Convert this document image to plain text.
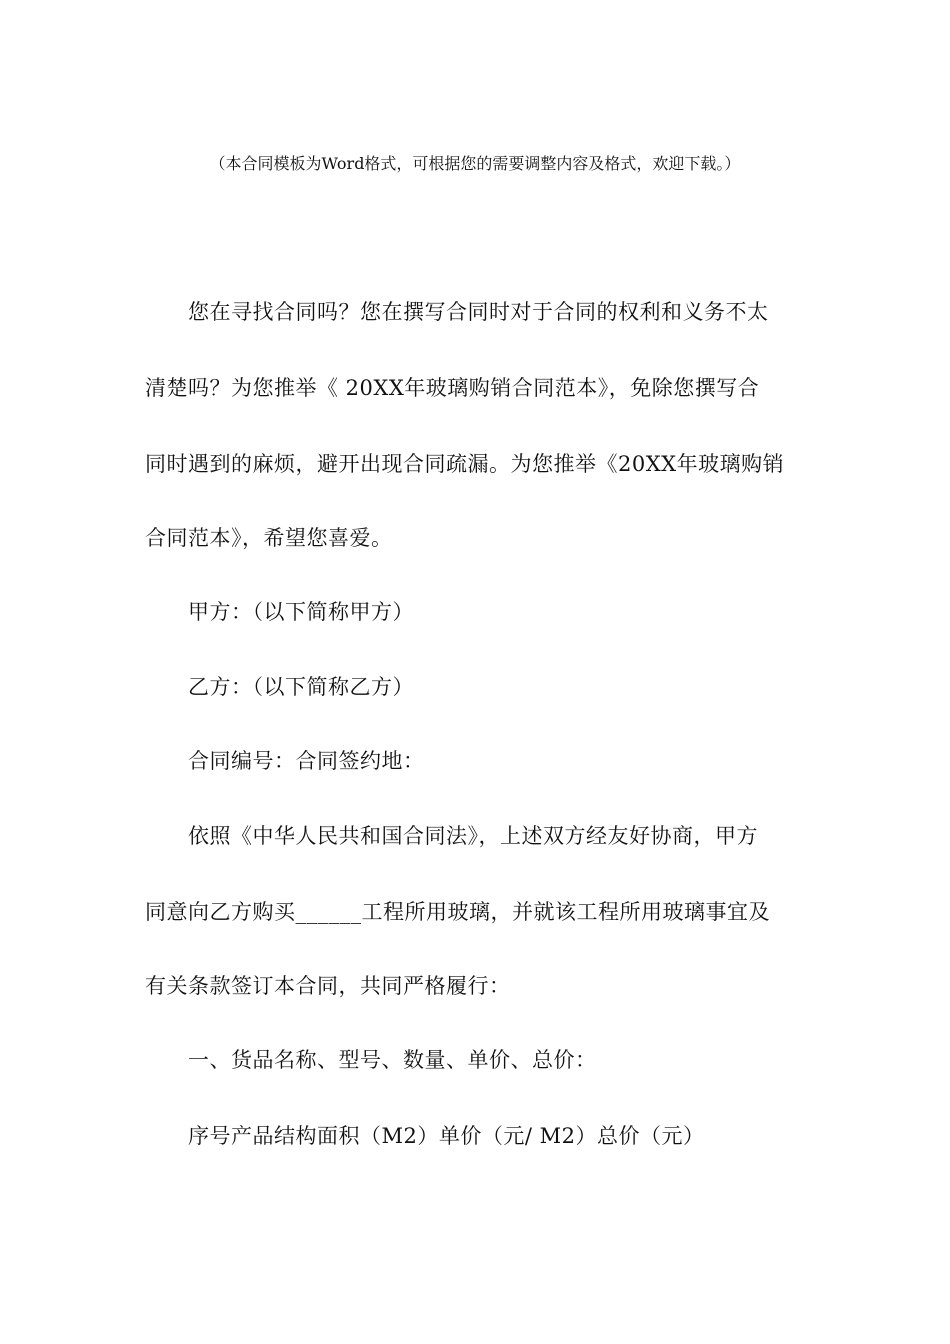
（本合同模板为Word格式，可根据您的需要调整内容及格式，欢迎下载。）
您在寻找合同吗？您在撰写合同时对于合同的权利和义务不太
清楚吗？为您推举《 20XX年玻璃购销合同范本》，免除您撰写合
同时遇到的麻烦，避开出现合同疏漏。为您推举《20XX年玻璃购销
合同范本》，希望您喜爱。
甲方：（以下简称甲方）
乙方：（以下简称乙方）
合同编号：合同签约地：
依照《中华人民共和国合同法》，上述双方经友好协商，甲方
同意向乙方购买______工程所用玻璃，并就该工程所用玻璃事宜及
有关条款签订本合同，共同严格履行：
一、货品名称、型号、数量、单价、总价：
序号产品结构面积（M2）单价（元/ M2）总价（元）
